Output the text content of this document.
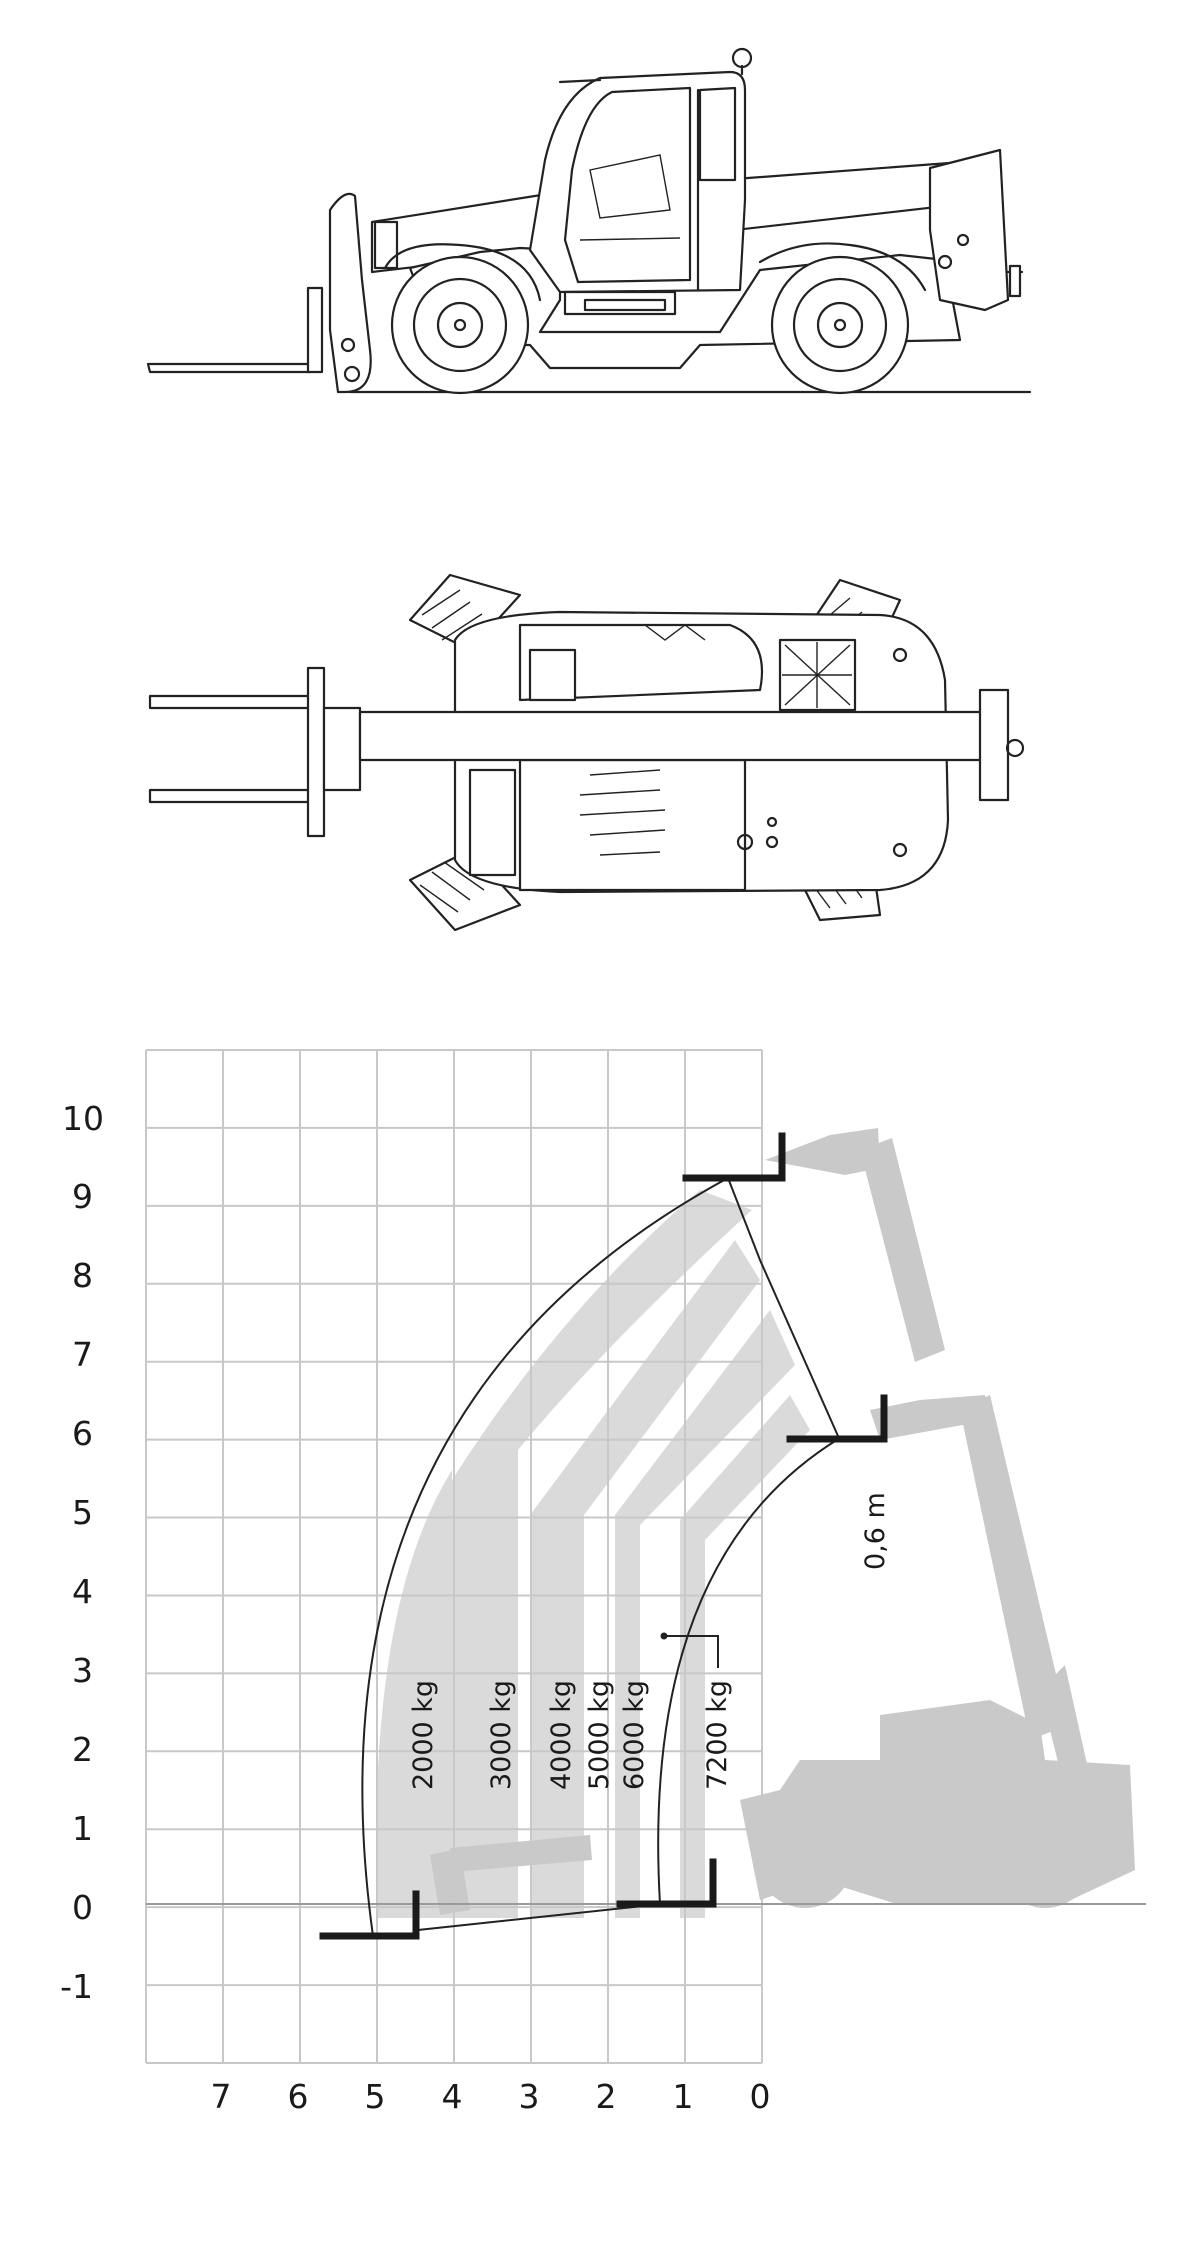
10
9
8
7
6
5
4
3
2
1
0
-1
7 6 5 4 3 2 1 0
2000 kg 3000 kg 4000 kg 5000 kg 6000 kg 7200 kg
0,6 m
